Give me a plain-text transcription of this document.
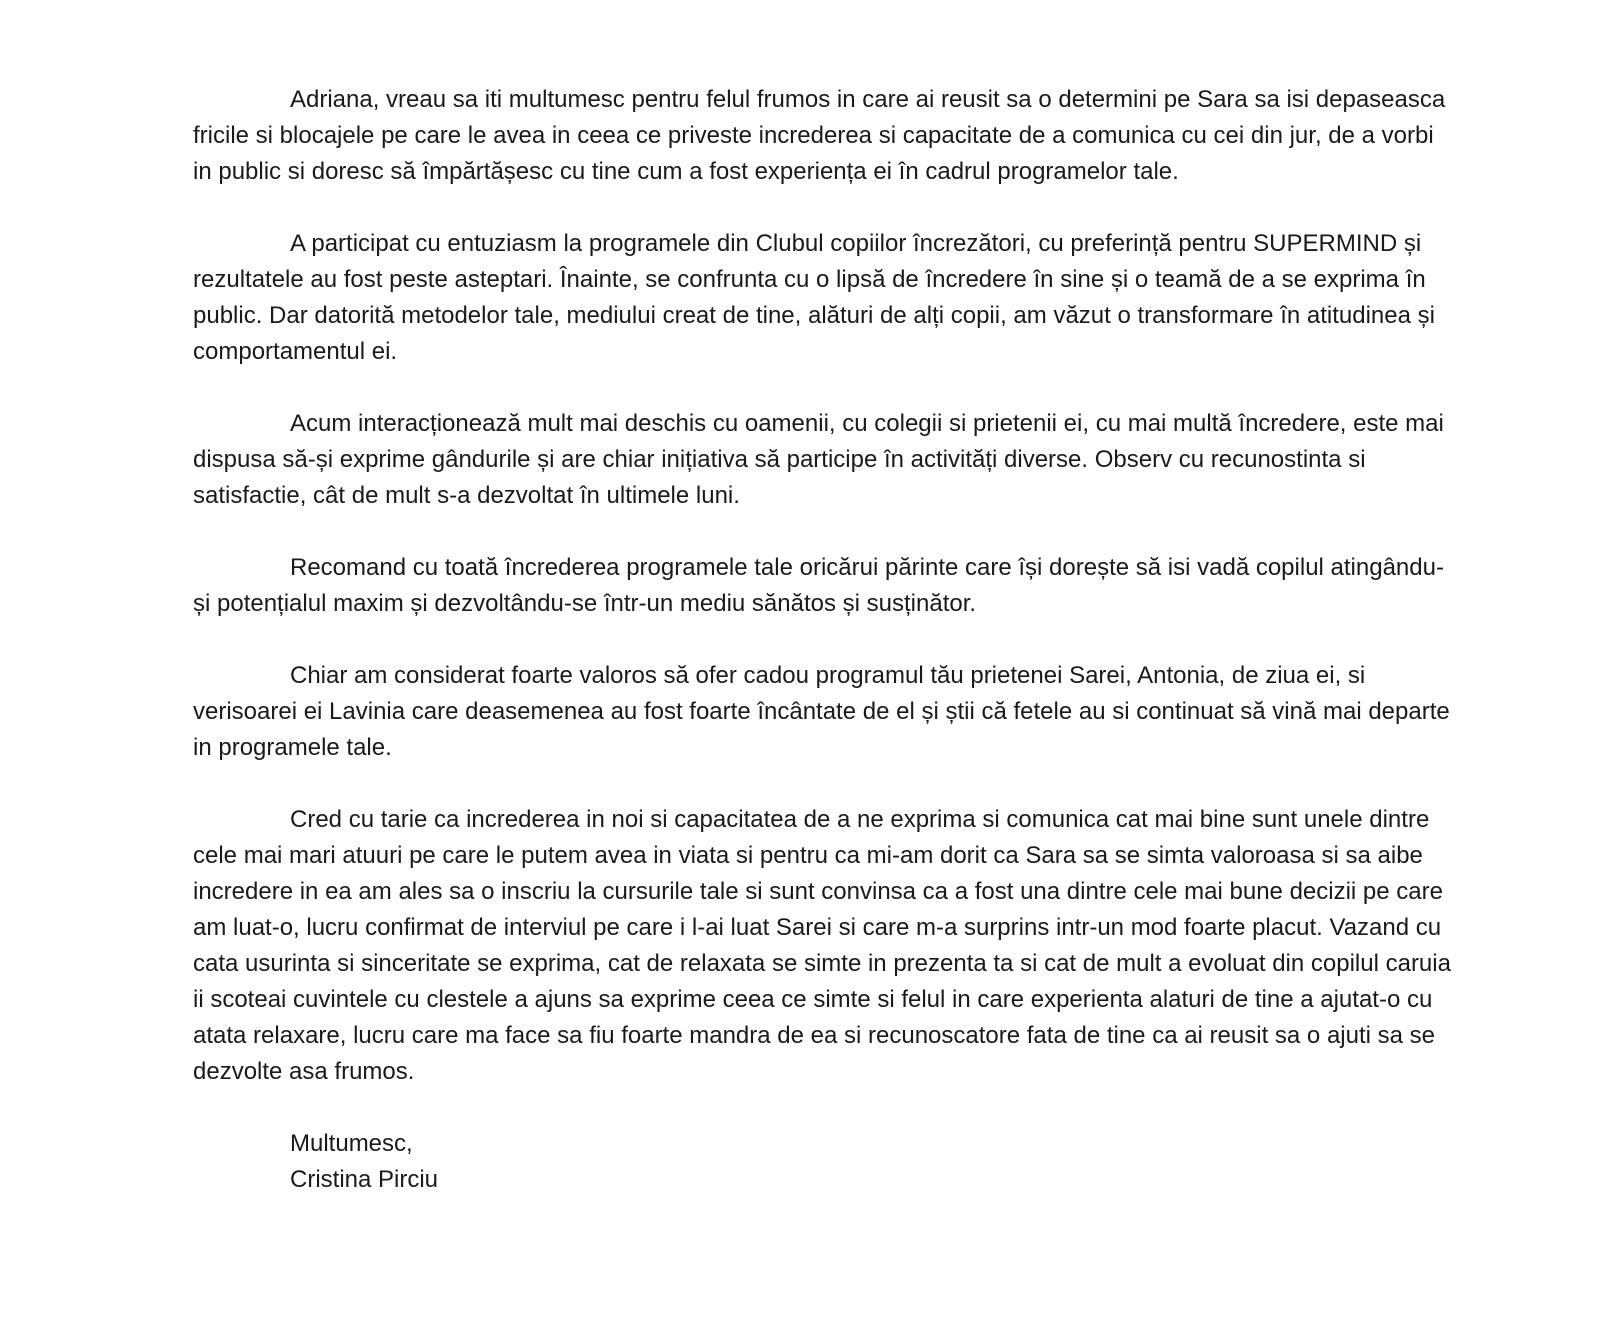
Adriana, vreau sa iti multumesc pentru felul frumos in care ai reusit sa o determini pe Sara sa isi depaseasca fricile si blocajele pe care le avea in ceea ce priveste increderea si capacitate de a comunica cu cei din jur, de a vorbi in public si doresc să împărtășesc cu tine cum a fost experiența ei în cadrul programelor tale.

A participat cu entuziasm la programele din Clubul copiilor încrezători, cu preferință pentru SUPERMIND și rezultatele au fost peste asteptari. Înainte, se confrunta cu o lipsă de încredere în sine și o teamă de a se exprima în public. Dar datorită metodelor tale, mediului creat de tine, alături de alți copii, am văzut o transformare în atitudinea și comportamentul ei.

Acum interacționează mult mai deschis cu oamenii, cu colegii si prietenii ei, cu mai multă încredere, este mai dispusa să-și exprime gândurile și are chiar inițiativa să participe în activități diverse. Observ cu recunostinta si satisfactie, cât de mult s-a dezvoltat în ultimele luni.

Recomand cu toată încrederea programele tale oricărui părinte care își dorește să isi vadă copilul atingându-și potențialul maxim și dezvoltându-se într-un mediu sănătos și susținător.

Chiar am considerat foarte valoros să ofer cadou programul tău prietenei Sarei, Antonia, de ziua ei, si verisoarei ei Lavinia care deasemenea au fost foarte încântate de el și știi că fetele au si continuat să vină mai departe in programele tale.

Cred cu tarie ca increderea in noi si capacitatea de a ne exprima si comunica cat mai bine sunt unele dintre cele mai mari atuuri pe care le putem avea in viata si pentru ca mi-am dorit ca Sara sa se simta valoroasa si sa aibe incredere in ea am ales sa o inscriu la cursurile tale si sunt convinsa ca a fost una dintre cele mai bune decizii pe care am luat-o, lucru confirmat de interviul pe care i l-ai luat Sarei si care m-a surprins intr-un mod foarte placut. Vazand cu cata usurinta si sinceritate se exprima, cat de relaxata se simte in prezenta ta si cat de mult a evoluat din copilul caruia ii scoteai cuvintele cu clestele a ajuns sa exprime ceea ce simte si felul in care experienta alaturi de tine a ajutat-o cu atata relaxare, lucru care ma face sa fiu foarte mandra de ea si recunoscatore fata de tine ca ai reusit sa o ajuti sa se dezvolte asa frumos.

Multumesc,
Cristina Pirciu
